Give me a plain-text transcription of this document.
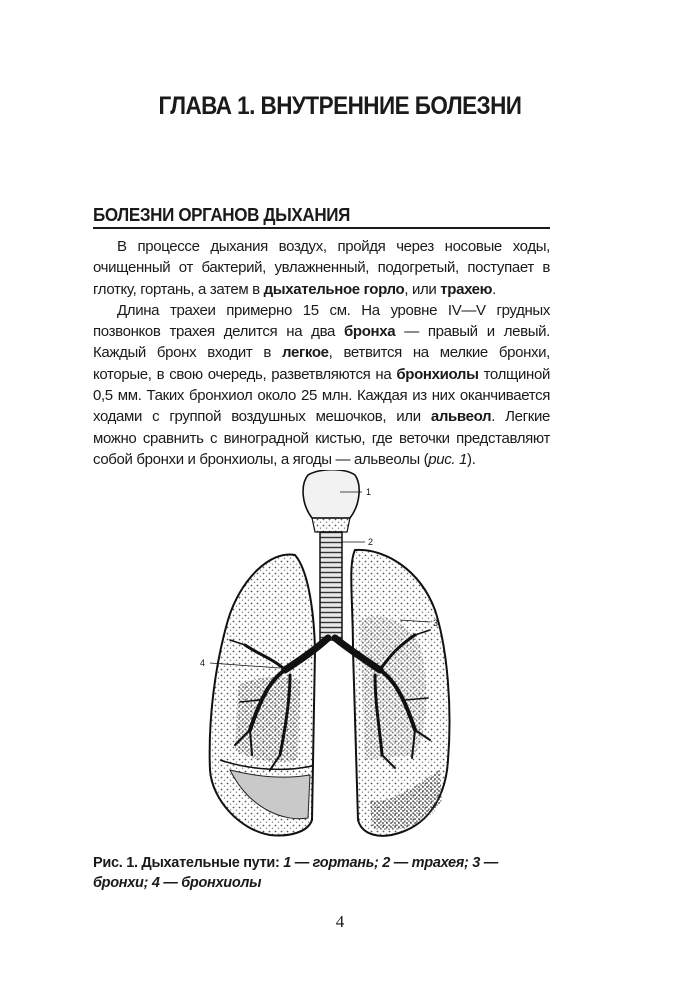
ГЛАВА 1. ВНУТРЕННИЕ БОЛЕЗНИ
БОЛЕЗНИ ОРГАНОВ ДЫХАНИЯ

В процессе дыхания воздух, пройдя через носовые ходы, очищенный от бактерий, увлажненный, подогретый, поступает в глотку, гортань, а затем в дыхательное горло, или трахею.

Длина трахеи примерно 15 см. На уровне IV—V грудных позвонков трахея делится на два бронха — правый и левый. Каждый бронх входит в легкое, ветвится на мелкие бронхи, которые, в свою очередь, разветвляются на бронхиолы толщиной 0,5 мм. Таких бронхиол около 25 млн. Каждая из них оканчивается ходами с группой воздушных мешочков, или альвеол. Легкие можно сравнить с виноградной кистью, где веточки представляют собой бронхи и бронхиолы, а ягоды — альвеолы (рис. 1).

1
2
3
4
Рис. 1. Дыхательные пути: 1 — гортань; 2 — трахея; 3 — бронхи; 4 — бронхиолы
4
